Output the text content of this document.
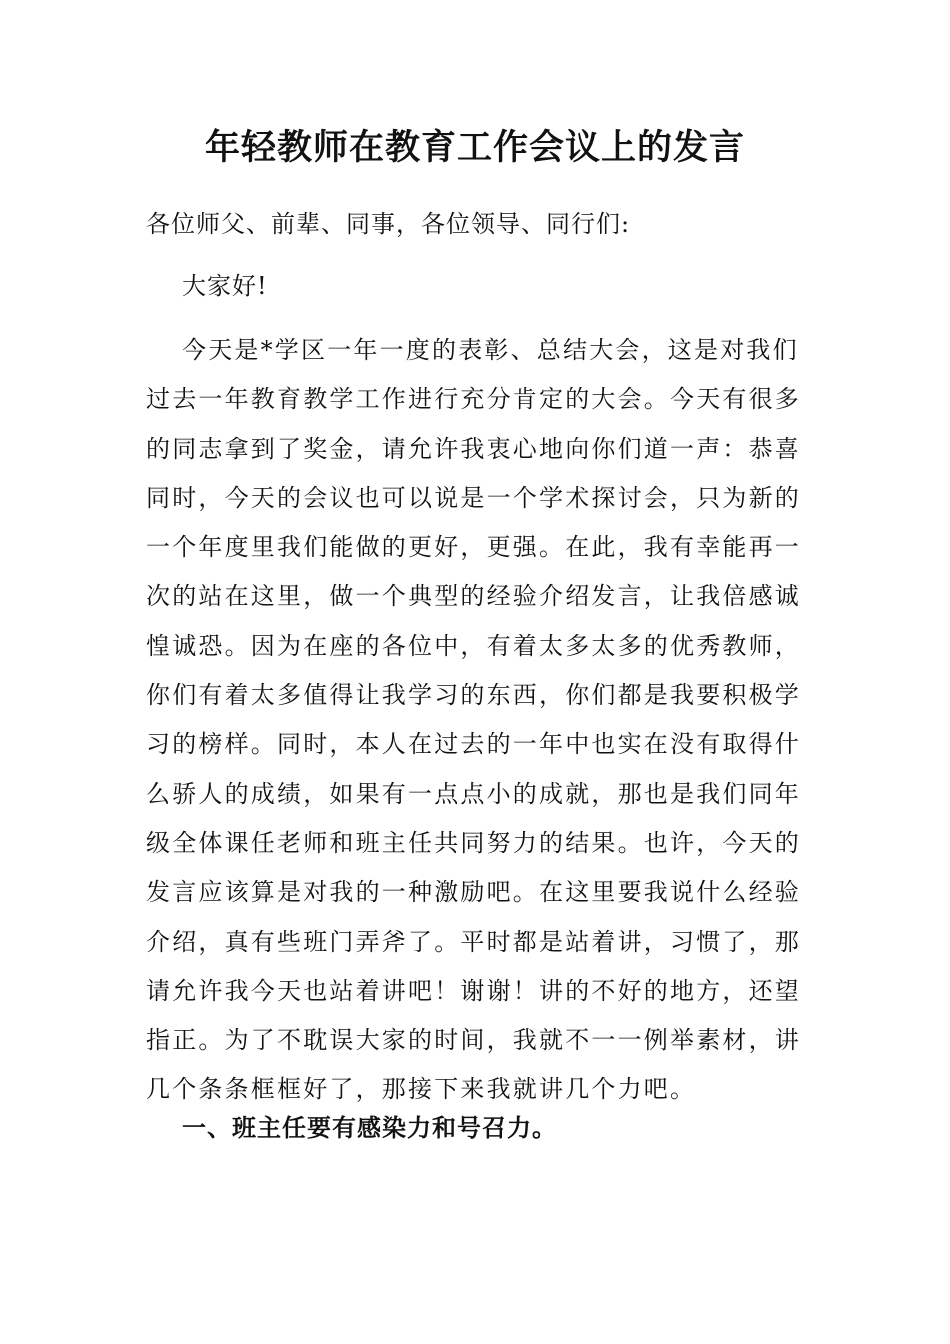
年轻教师在教育工作会议上的发言
各位师父、前辈、同事，各位领导、同行们:
大家好!
今天是*学区一年一度的表彰、总结大会，这是对我们
过去一年教育教学工作进行充分肯定的大会。今天有很多
的同志拿到了奖金，请允许我衷心地向你们道一声：恭喜
同时，今天的会议也可以说是一个学术探讨会，只为新的
一个年度里我们能做的更好，更强。在此，我有幸能再一
次的站在这里，做一个典型的经验介绍发言，让我倍感诚
惶诚恐。因为在座的各位中，有着太多太多的优秀教师，
你们有着太多值得让我学习的东西，你们都是我要积极学
习的榜样。同时，本人在过去的一年中也实在没有取得什
么骄人的成绩，如果有一点点小的成就，那也是我们同年
级全体课任老师和班主任共同努力的结果。也许，今天的
发言应该算是对我的一种激励吧。在这里要我说什么经验
介绍，真有些班门弄斧了。平时都是站着讲，习惯了，那
请允许我今天也站着讲吧！谢谢！讲的不好的地方，还望
指正。为了不耽误大家的时间，我就不一一例举素材，讲
几个条条框框好了，那接下来我就讲几个力吧。
一、班主任要有感染力和号召力。
